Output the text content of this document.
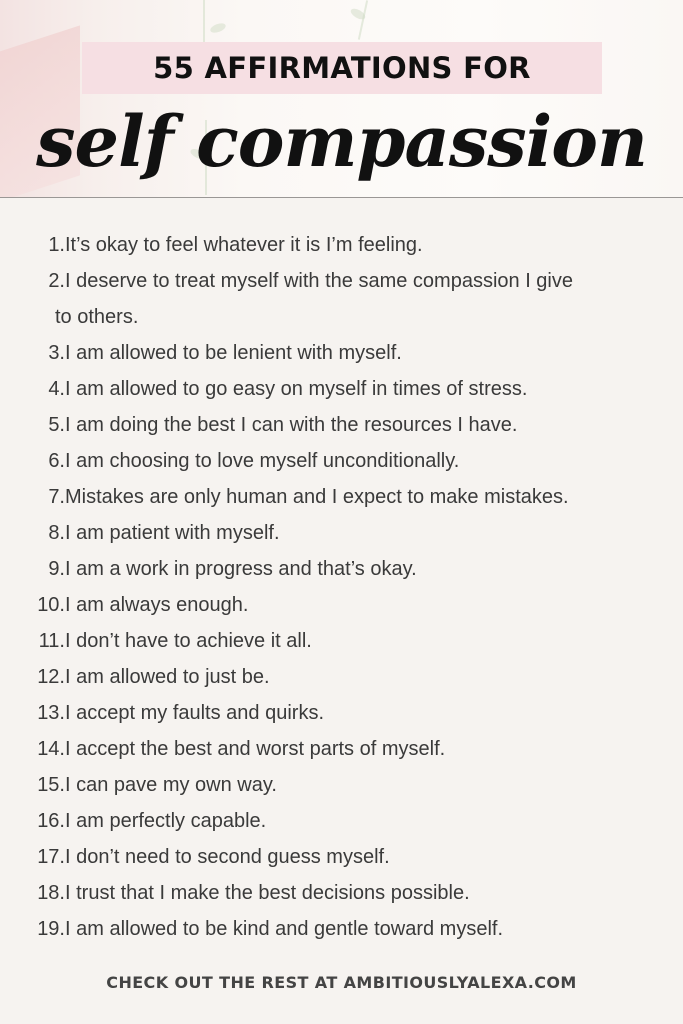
55 AFFIRMATIONS FOR
self compassion
1. It’s okay to feel whatever it is I’m feeling.
2. I deserve to treat myself with the same compassion I give
to others.
3. I am allowed to be lenient with myself.
4. I am allowed to go easy on myself in times of stress.
5. I am doing the best I can with the resources I have.
6. I am choosing to love myself unconditionally.
7. Mistakes are only human and I expect to make mistakes.
8. I am patient with myself.
9. I am a work in progress and that’s okay.
10. I am always enough.
11. I don’t have to achieve it all.
12. I am allowed to just be.
13. I accept my faults and quirks.
14. I accept the best and worst parts of myself.
15. I can pave my own way.
16. I am perfectly capable.
17. I don’t need to second guess myself.
18. I trust that I make the best decisions possible.
19. I am allowed to be kind and gentle toward myself.
CHECK OUT THE REST AT AMBITIOUSLYALEXA.COM
